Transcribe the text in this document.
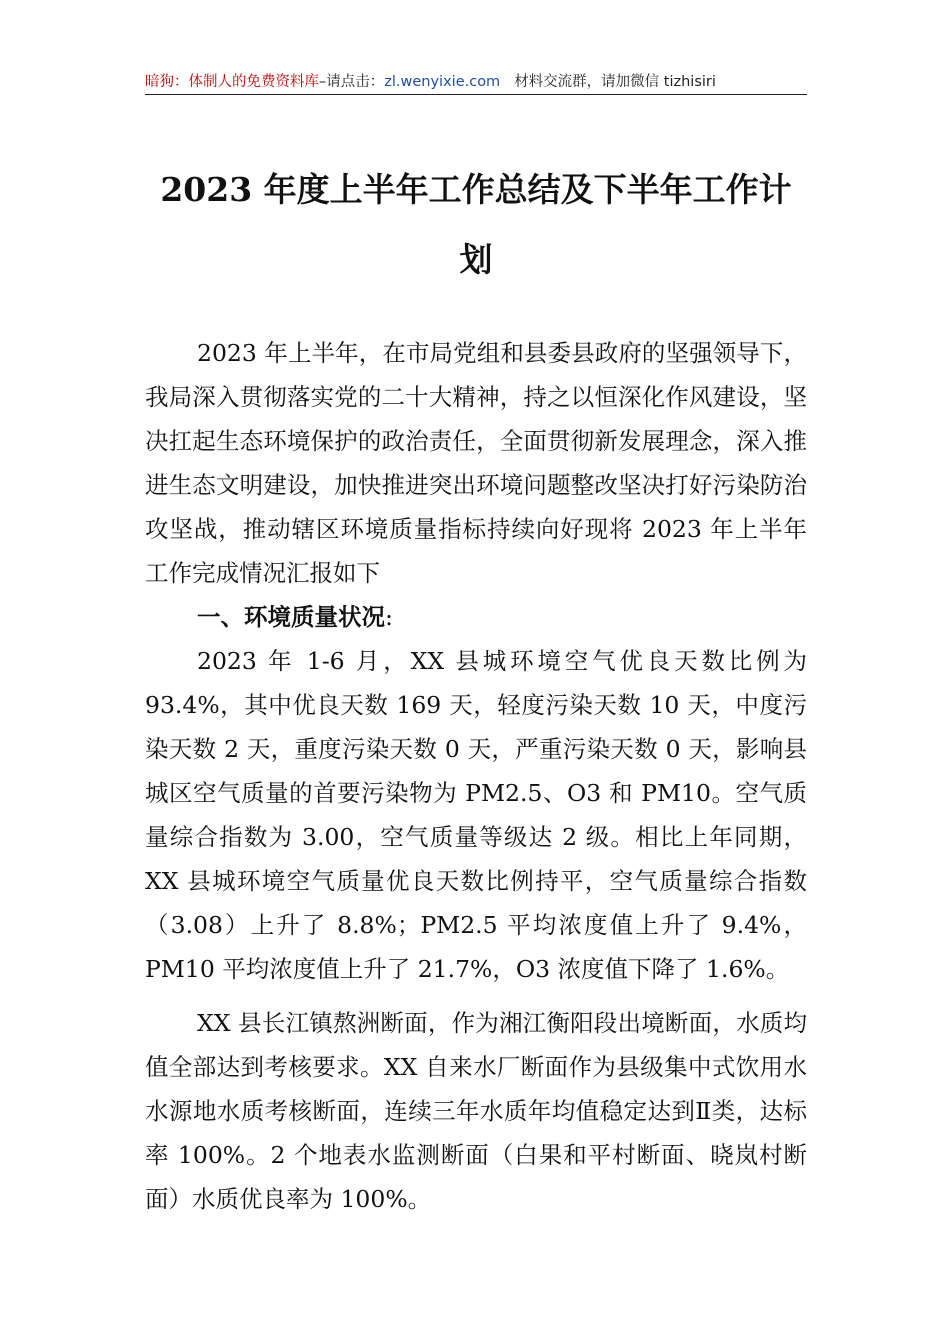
暗狗：体制人的免费资料库–请点击：zl.wenyixie.com 材料交流群，请加微信 tizhisiri
2023 年度上半年工作总结及下半年工作计划

2023 年上半年，在市局党组和县委县政府的坚强领导下，我局深入贯彻落实党的二十大精神，持之以恒深化作风建设，坚决扛起生态环境保护的政治责任，全面贯彻新发展理念，深入推进生态文明建设，加快推进突出环境问题整改坚决打好污染防治攻坚战，推动辖区环境质量指标持续向好现将 2023 年上半年工作完成情况汇报如下

一、环境质量状况:

2023 年 1-6 月，XX 县城环境空气优良天数比例为 93.4%，其中优良天数 169 天，轻度污染天数 10 天，中度污染天数 2 天，重度污染天数 0 天，严重污染天数 0 天，影响县城区空气质量的首要污染物为 PM2.5、O3 和 PM10。空气质量综合指数为 3.00，空气质量等级达 2 级。相比上年同期，XX 县城环境空气质量优良天数比例持平，空气质量综合指数（3.08）上升了 8.8%；PM2.5 平均浓度值上升了 9.4%，PM10 平均浓度值上升了 21.7%，O3 浓度值下降了 1.6%。

XX 县长江镇熬洲断面，作为湘江衡阳段出境断面，水质均值全部达到考核要求。XX 自来水厂断面作为县级集中式饮用水水源地水质考核断面，连续三年水质年均值稳定达到Ⅱ类，达标率 100%。2 个地表水监测断面（白果和平村断面、晓岚村断面）水质优良率为 100%。
